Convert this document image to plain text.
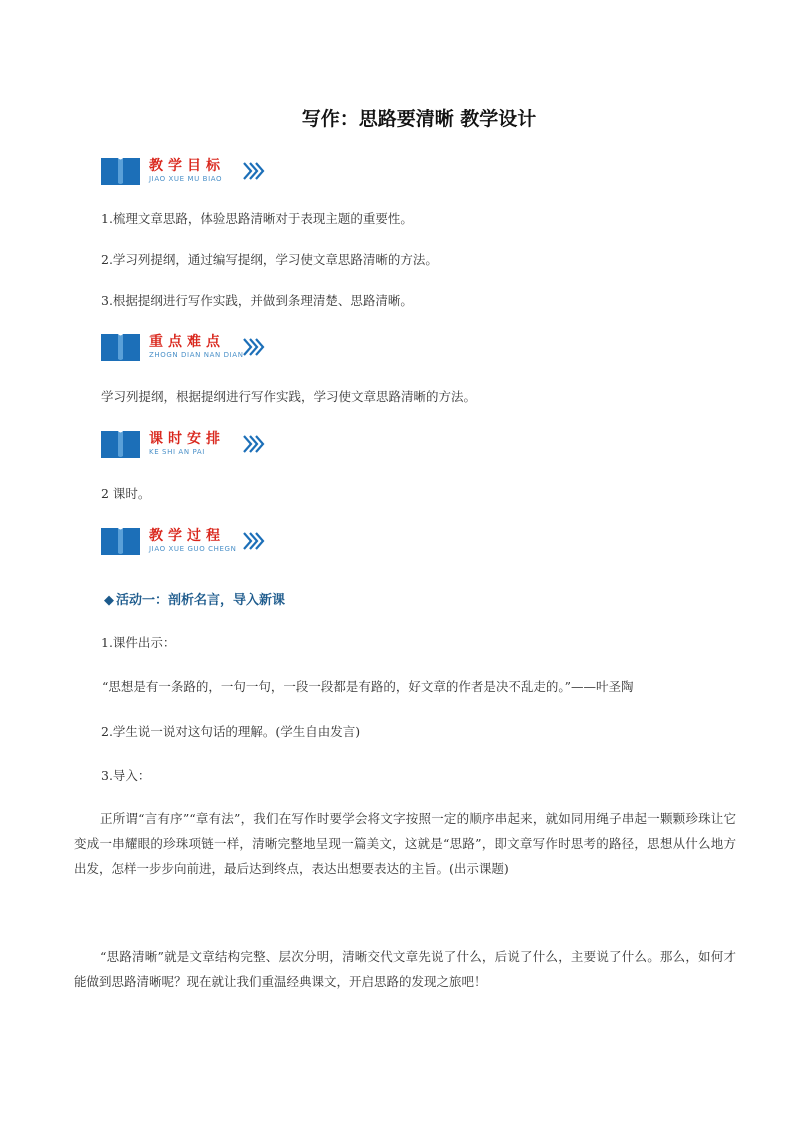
写作：思路要清晰 教学设计
教学目标
JIAO XUE MU BIAO
1.梳理文章思路，体验思路清晰对于表现主题的重要性。
2.学习列提纲，通过编写提纲，学习使文章思路清晰的方法。
3.根据提纲进行写作实践，并做到条理清楚、思路清晰。
重点难点
ZHOGN DIAN NAN DIAN
学习列提纲，根据提纲进行写作实践，学习使文章思路清晰的方法。
课时安排
KE SHI AN PAI
2 课时。
教学过程
JIAO XUE GUO CHEGN
◆ 活动一：剖析名言，导入新课
1.课件出示：
“思想是有一条路的，一句一句，一段一段都是有路的，好文章的作者是决不乱走的。”——叶圣陶
2.学生说一说对这句话的理解。(学生自由发言)
3.导入：
正所谓“言有序”“章有法”，我们在写作时要学会将文字按照一定的顺序串起来，就如同用绳子串起一颗颗珍珠让它变成一串耀眼的珍珠项链一样，清晰完整地呈现一篇美文，这就是“思路”，即文章写作时思考的路径，思想从什么地方出发，怎样一步步向前进，最后达到终点，表达出想要表达的主旨。(出示课题)
“思路清晰”就是文章结构完整、层次分明，清晰交代文章先说了什么，后说了什么，主要说了什么。那么，如何才能做到思路清晰呢？现在就让我们重温经典课文，开启思路的发现之旅吧！
